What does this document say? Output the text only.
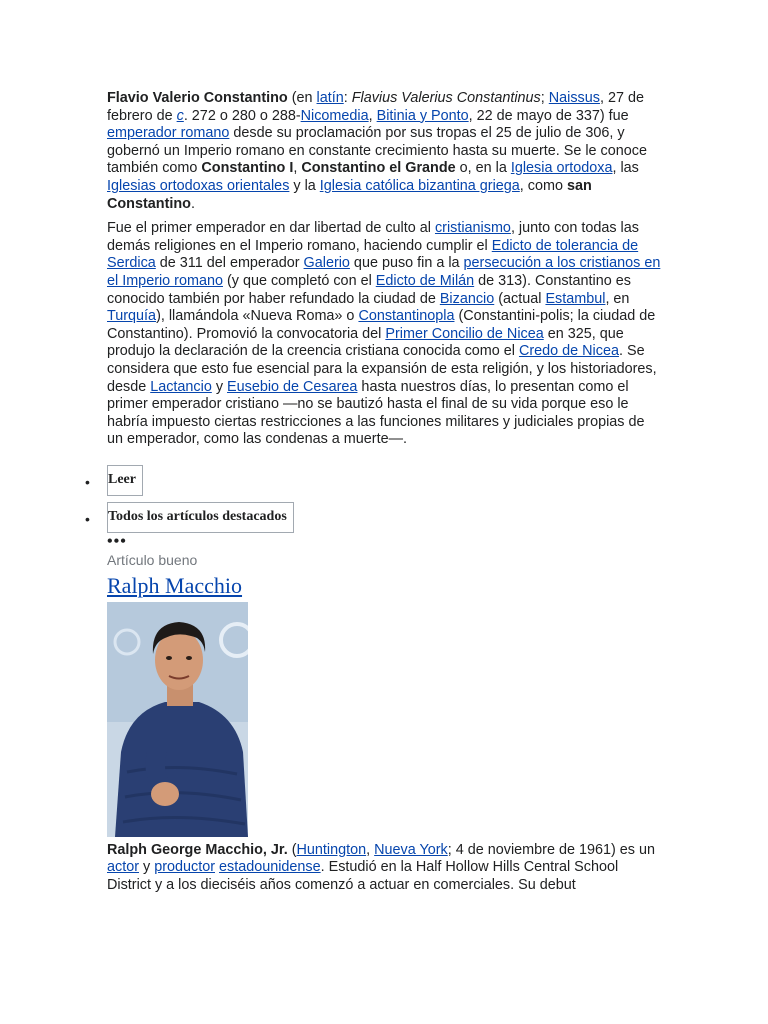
Flavio Valerio Constantino (en latín: Flavius Valerius Constantinus; Naissus, 27 de febrero de c. 272 o 280 o 288-Nicomedia, Bitinia y Ponto, 22 de mayo de 337) fue emperador romano desde su proclamación por sus tropas el 25 de julio de 306, y gobernó un Imperio romano en constante crecimiento hasta su muerte. Se le conoce también como Constantino I, Constantino el Grande o, en la Iglesia ortodoxa, las Iglesias ortodoxas orientales y la Iglesia católica bizantina griega, como san Constantino.

Fue el primer emperador en dar libertad de culto al cristianismo, junto con todas las demás religiones en el Imperio romano, haciendo cumplir el Edicto de tolerancia de Serdica de 311 del emperador Galerio que puso fin a la persecución a los cristianos en el Imperio romano (y que completó con el Edicto de Milán de 313). Constantino es conocido también por haber refundado la ciudad de Bizancio (actual Estambul, en Turquía), llamándola «Nueva Roma» o Constantinopla (Constantini-polis; la ciudad de Constantino). Promovió la convocatoria del Primer Concilio de Nicea en 325, que produjo la declaración de la creencia cristiana conocida como el Credo de Nicea. Se considera que esto fue esencial para la expansión de esta religión, y los historiadores, desde Lactancio y Eusebio de Cesarea hasta nuestros días, lo presentan como el primer emperador cristiano —no se bautizó hasta el final de su vida porque eso le habría impuesto ciertas restricciones a las funciones militares y judiciales propias de un emperador, como las condenas a muerte—.

• Leer
• Todos los artículos destacados
•••
Artículo bueno
Ralph Macchio

Ralph George Macchio, Jr. (Huntington, Nueva York; 4 de noviembre de 1961) es un actor y productor estadounidense. Estudió en la Half Hollow Hills Central School District y a los dieciséis años comenzó a actuar en comerciales. Su debut
